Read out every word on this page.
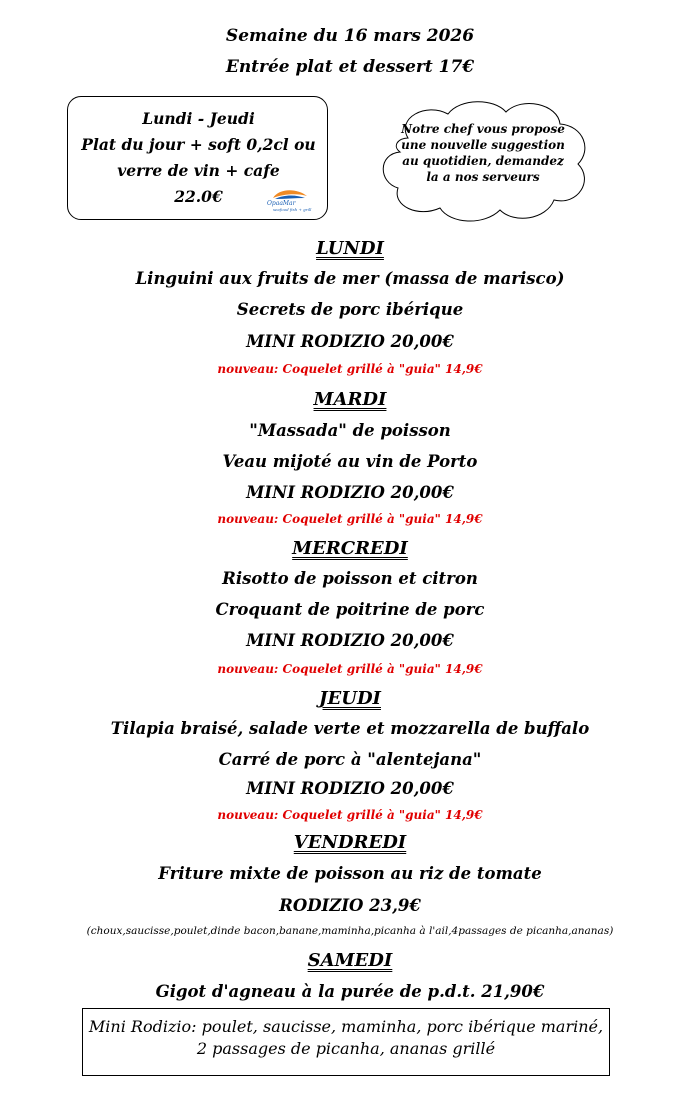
Semaine du 16 mars 2026
Entrée plat et dessert 17€
Lundi - Jeudi
Plat du jour + soft 0,2cl ou
verre de vin + cafe
22.0€	OpaaMar
seafood fish + grill
Notre chef vous propose
une nouvelle suggestion
au quotidien, demandez
la a nos serveurs
LUNDI
Linguini aux fruits de mer (massa de marisco)
Secrets de porc ibérique
MINI RODIZIO 20,00€
nouveau: Coquelet grillé à "guia" 14,9€
MARDI
"Massada" de poisson
Veau mijoté au vin de Porto
MINI RODIZIO 20,00€
nouveau: Coquelet grillé à "guia" 14,9€
MERCREDI
Risotto de poisson et citron
Croquant de poitrine de porc
MINI RODIZIO 20,00€
nouveau: Coquelet grillé à "guia" 14,9€
JEUDI
Tilapia braisé, salade verte et mozzarella de buffalo
Carré de porc à "alentejana"
MINI RODIZIO 20,00€
nouveau: Coquelet grillé à "guia" 14,9€
VENDREDI
Friture mixte de poisson au riz de tomate
RODIZIO 23,9€
(choux,saucisse,poulet,dinde bacon,banane,maminha,picanha à l'ail,4passages de picanha,ananas)
SAMEDI
Gigot d'agneau à la purée de p.d.t. 21,90€
Mini Rodizio: poulet, saucisse, maminha, porc ibérique mariné,
2 passages de picanha, ananas grillé
